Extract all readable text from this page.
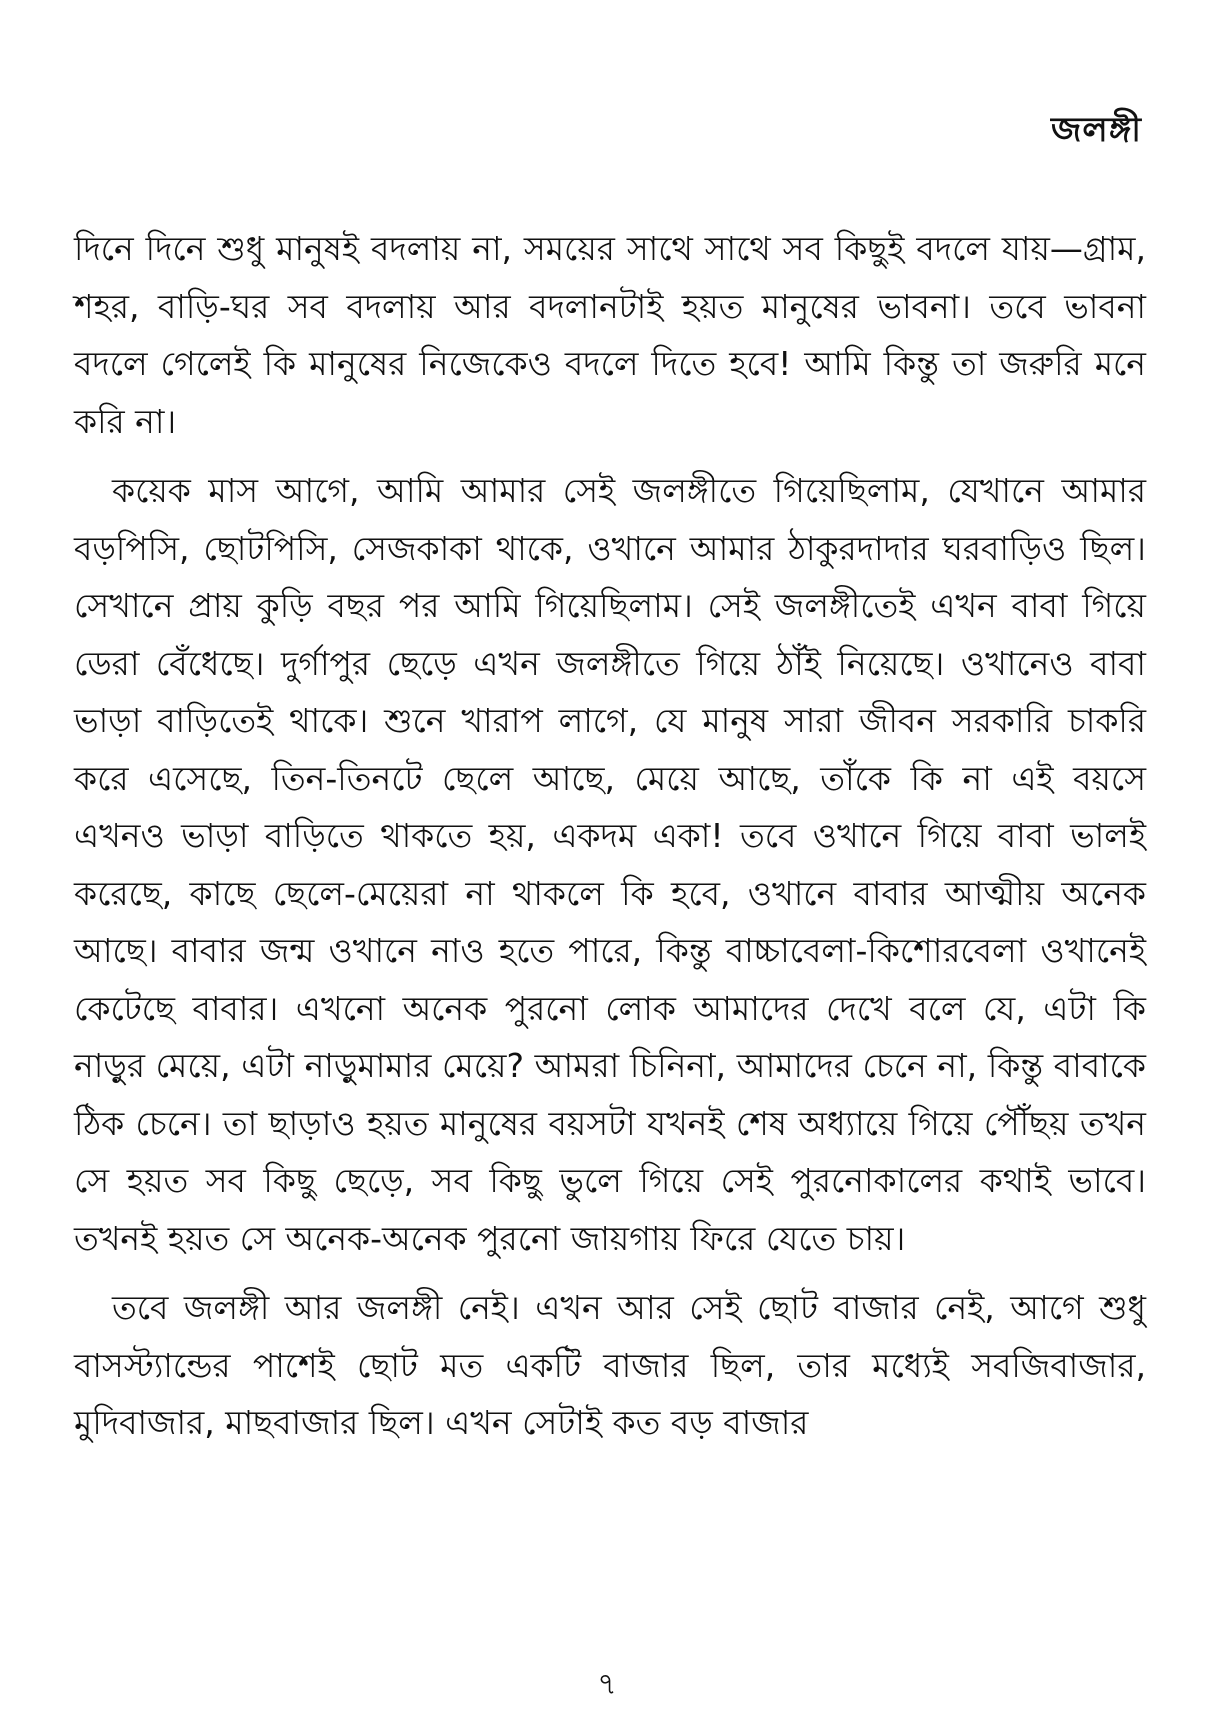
জলঙ্গী

দিনে দিনে শুধু মানুষই বদলায় না, সময়ের সাথে সাথে সব কিছুই বদলে যায়—গ্রাম, শহর, বাড়ি-ঘর সব বদলায় আর বদলানটাই হয়ত মানুষের ভাবনা। তবে ভাবনা বদলে গেলেই কি মানুষের নিজেকেও বদলে দিতে হবে! আমি কিন্তু তা জরুরি মনে করি না।

কয়েক মাস আগে, আমি আমার সেই জলঙ্গীতে গিয়েছিলাম, যেখানে আমার বড়পিসি, ছোটপিসি, সেজকাকা থাকে, ওখানে আমার ঠাকুরদাদার ঘরবাড়িও ছিল। সেখানে প্রায় কুড়ি বছর পর আমি গিয়েছিলাম। সেই জলঙ্গীতেই এখন বাবা গিয়ে ডেরা বেঁধেছে। দুর্গাপুর ছেড়ে এখন জলঙ্গীতে গিয়ে ঠাঁই নিয়েছে। ওখানেও বাবা ভাড়া বাড়িতেই থাকে। শুনে খারাপ লাগে, যে মানুষ সারা জীবন সরকারি চাকরি করে এসেছে, তিন-তিনটে ছেলে আছে, মেয়ে আছে, তাঁকে কি না এই বয়সে এখনও ভাড়া বাড়িতে থাকতে হয়, একদম একা! তবে ওখানে গিয়ে বাবা ভালই করেছে, কাছে ছেলে-মেয়েরা না থাকলে কি হবে, ওখানে বাবার আত্মীয় অনেক আছে। বাবার জন্ম ওখানে নাও হতে পারে, কিন্তু বাচ্চাবেলা-কিশোরবেলা ওখানেই কেটেছে বাবার। এখনো অনেক পুরনো লোক আমাদের দেখে বলে যে, এটা কি নাড়ুর মেয়ে, এটা নাড়ুমামার মেয়ে? আমরা চিনিনা, আমাদের চেনে না, কিন্তু বাবাকে ঠিক চেনে। তা ছাড়াও হয়ত মানুষের বয়সটা যখনই শেষ অধ্যায়ে গিয়ে পৌঁছয় তখন সে হয়ত সব কিছু ছেড়ে, সব কিছু ভুলে গিয়ে সেই পুরনোকালের কথাই ভাবে। তখনই হয়ত সে অনেক-অনেক পুরনো জায়গায় ফিরে যেতে চায়।

তবে জলঙ্গী আর জলঙ্গী নেই। এখন আর সেই ছোট বাজার নেই, আগে শুধু বাসস্ট্যান্ডের পাশেই ছোট মত একটি বাজার ছিল, তার মধ্যেই সবজিবাজার, মুদিবাজার, মাছবাজার ছিল। এখন সেটাই কত বড় বাজার

৭
